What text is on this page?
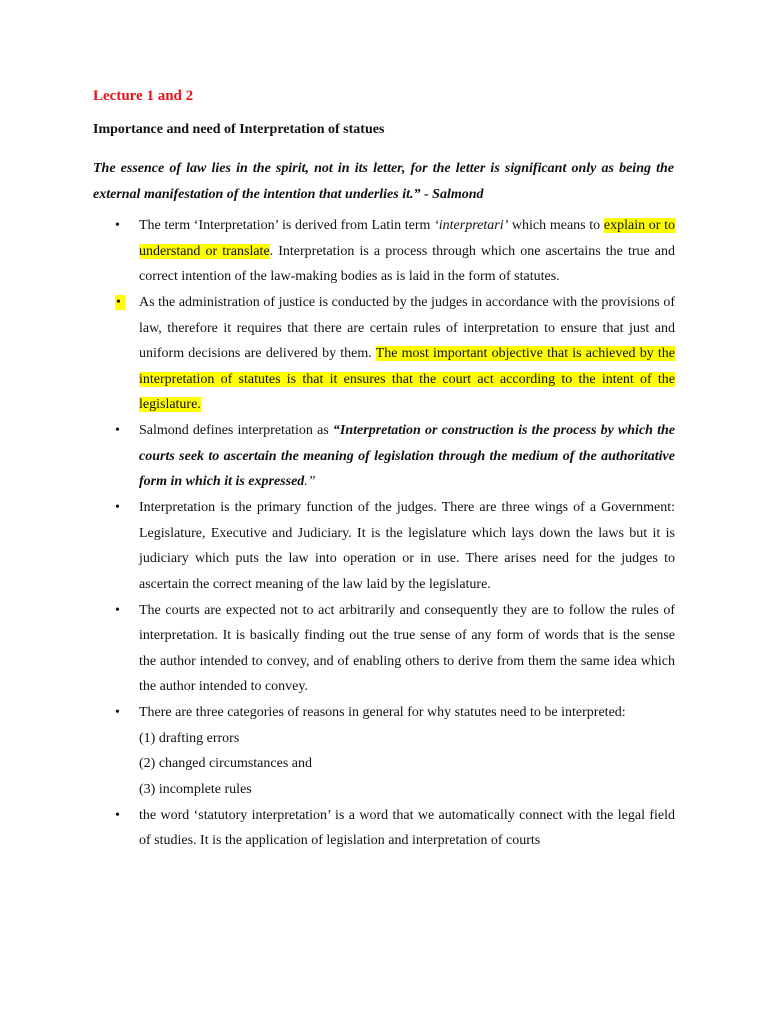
Lecture 1 and 2
Importance and need of Interpretation of statues
The essence of law lies in the spirit, not in its letter, for the letter is significant only as being the external manifestation of the intention that underlies it.” - Salmond
•	The term ‘Interpretation’ is derived from Latin term ‘interpretari’ which means to explain or to understand or translate. Interpretation is a process through which one ascertains the true and correct intention of the law-making bodies as is laid in the form of statutes.
•	As the administration of justice is conducted by the judges in accordance with the provisions of law, therefore it requires that there are certain rules of interpretation to ensure that just and uniform decisions are delivered by them. The most important objective that is achieved by the interpretation of statutes is that it ensures that the court act according to the intent of the legislature.
•	Salmond defines interpretation as “Interpretation or construction is the process by which the courts seek to ascertain the meaning of legislation through the medium of the authoritative form in which it is expressed.”
•	Interpretation is the primary function of the judges. There are three wings of a Government: Legislature, Executive and Judiciary. It is the legislature which lays down the laws but it is judiciary which puts the law into operation or in use. There arises need for the judges to ascertain the correct meaning of the law laid by the legislature.
•	The courts are expected not to act arbitrarily and consequently they are to follow the rules of interpretation. It is basically finding out the true sense of any form of words that is the sense the author intended to convey, and of enabling others to derive from them the same idea which the author intended to convey.
•	There are three categories of reasons in general for why statutes need to be interpreted:
(1) drafting errors
(2) changed circumstances and
(3) incomplete rules
•	the word ‘statutory interpretation’ is a word that we automatically connect with the legal field of studies. It is the application of legislation and interpretation of courts
